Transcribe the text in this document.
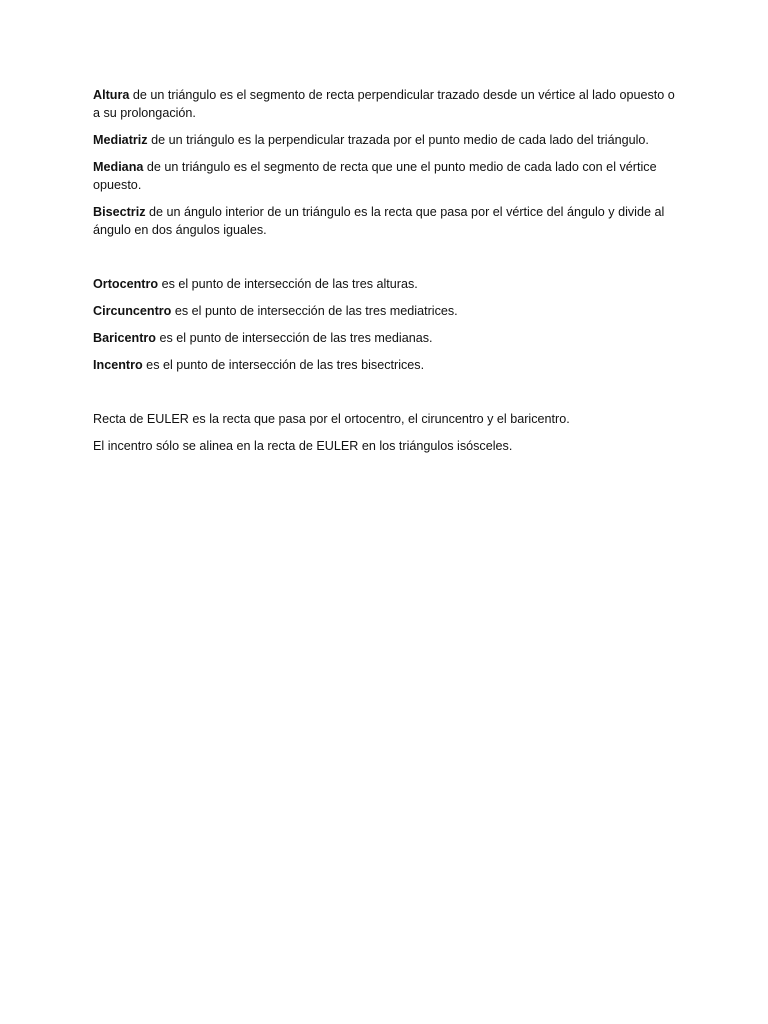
Altura de un triángulo es el segmento de recta perpendicular trazado desde un vértice al lado opuesto o a su prolongación.

Mediatriz de un triángulo es la perpendicular trazada por el punto medio de cada lado del triángulo.

Mediana de un triángulo es el segmento de recta que une el punto medio de cada lado con el vértice opuesto.

Bisectriz de un ángulo interior de un triángulo es la recta que pasa por el vértice del ángulo y divide al ángulo en dos ángulos iguales.

Ortocentro es el punto de intersección de las tres alturas.

Circuncentro es el punto de intersección de las tres mediatrices.

Baricentro es el punto de intersección de las tres medianas.

Incentro es el punto de intersección de las tres bisectrices.

Recta de EULER es la recta que pasa por el ortocentro, el ciruncentro y el baricentro.

El incentro sólo se alinea en la recta de EULER en los triángulos isósceles.
